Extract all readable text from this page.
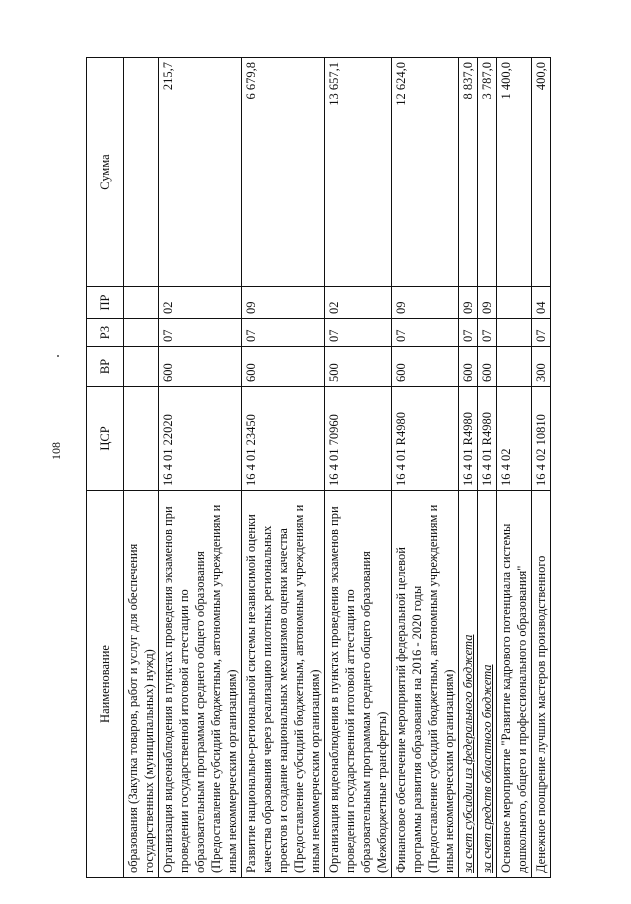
108
Наименование	ЦСР	ВР	РЗ	ПР	Сумма
образования (Закупка товаров, работ и услуг для обеспечения государственных (муниципальных) нужд)					
Организация видеонаблюдения в пунктах проведения экзаменов при проведении государственной итоговой аттестации по образовательным программам среднего общего образования (Предоставление субсидий бюджетным, автономным учреждениям и иным некоммерческим организациям)	16 4 01 22020	600	07	02	215,7
Развитие национально-региональной системы независимой оценки качества образования через реализацию пилотных региональных проектов и создание национальных механизмов оценки качества (Предоставление субсидий бюджетным, автономным учреждениям и иным некоммерческим организациям)	16 4 01 23450	600	07	09	6 679,8
Организация видеонаблюдения в пунктах проведения экзаменов при проведении государственной итоговой аттестации по образовательным программам среднего общего образования (Межбюджетные трансферты)	16 4 01 70960	500	07	02	13 657,1
Финансовое обеспечение мероприятий федеральной целевой программы развития образования на 2016 - 2020 годы (Предоставление субсидий бюджетным, автономным учреждениям и иным некоммерческим организациям)	16 4 01 R4980	600	07	09	12 624,0
за счет субсидии из федерального бюджета	16 4 01 R4980	600	07	09	8 837,0
за счет средств областного бюджета	16 4 01 R4980	600	07	09	3 787,0
Основное мероприятие "Развитие кадрового потенциала системы дошкольного, общего и профессионального образования"	16 4 02				1 400,0
Денежное поощрение лучших мастеров производственного	16 4 02 10810	300	07	04	400,0
